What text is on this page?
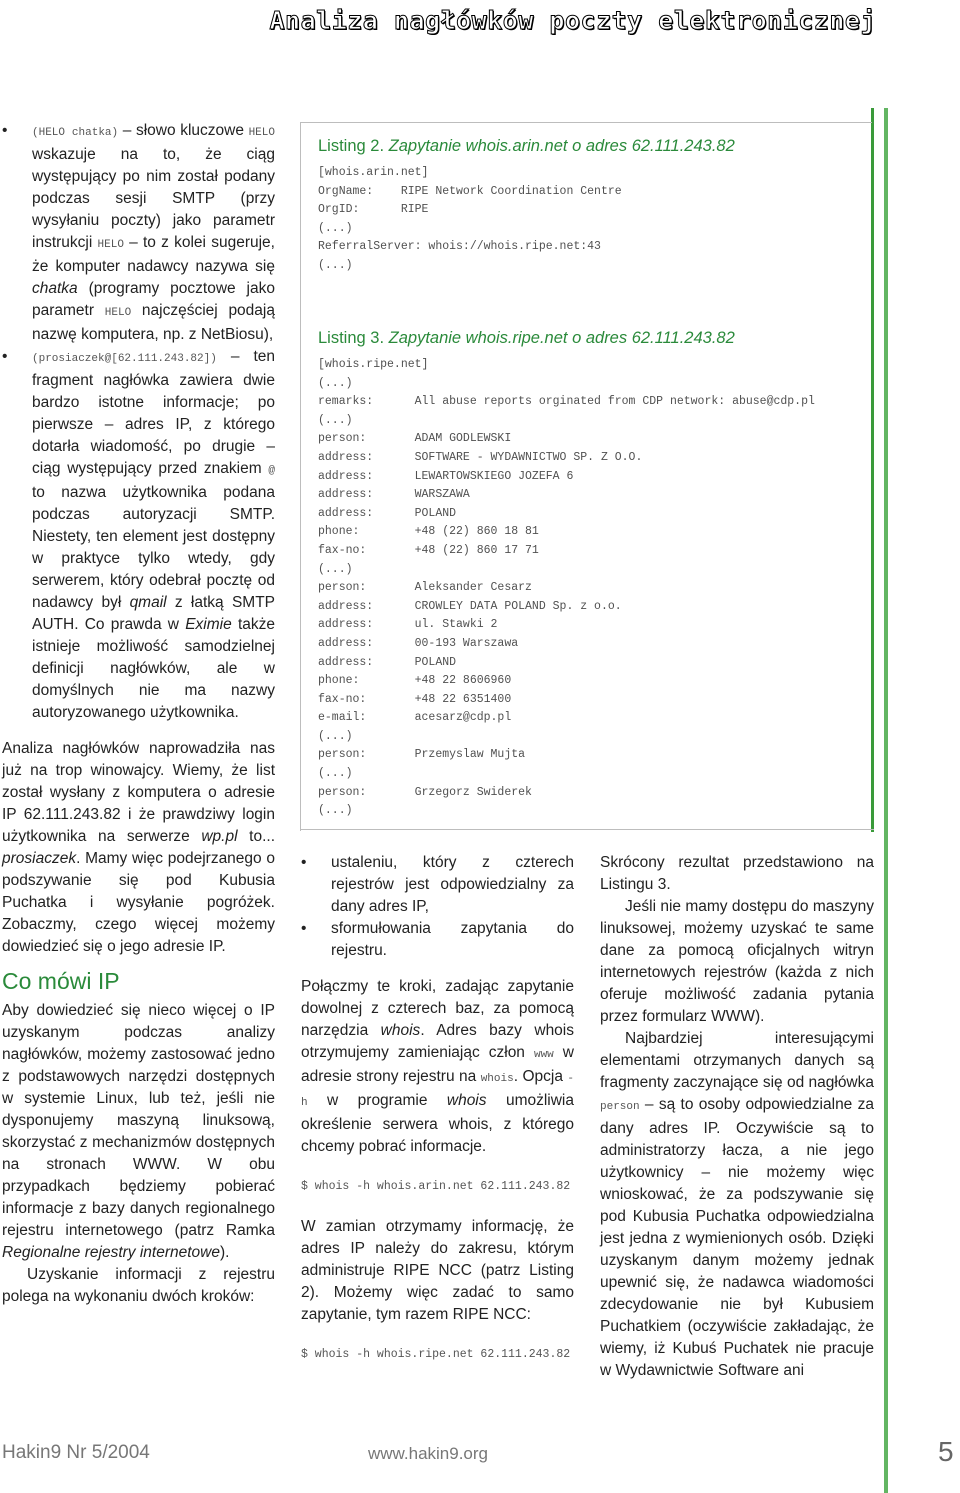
Analiza nagłówków poczty elektronicznej
• (HELO chatka) – słowo kluczowe HELO wskazuje na to, że ciąg występujący po nim został podany podczas sesji SMTP (przy wysyłaniu poczty) jako parametr instrukcji HELO – to z kolei sugeruje, że komputer nadawcy nazywa się chatka (programy pocztowe jako parametr HELO najczęściej podają nazwę komputera, np. z NetBiosu),
• (prosiaczek@[62.111.243.82]) – ten fragment nagłówka zawiera dwie bardzo istotne informacje; po pierwsze – adres IP, z którego dotarła wiadomość, po drugie – ciąg występujący przed znakiem @ to nazwa użytkownika podana podczas autoryzacji SMTP. Niestety, ten element jest dostępny w praktyce tylko wtedy, gdy serwerem, który odebrał pocztę od nadawcy był qmail z łatką SMTP AUTH. Co prawda w Eximie także istnieje możliwość samodzielnej definicji nagłówków, ale w domyślnych nie ma nazwy autoryzowanego użytkownika.

Analiza nagłówków naprowadziła nas już na trop winowajcy. Wiemy, że list został wysłany z komputera o adresie IP 62.111.243.82 i że prawdziwy login użytkownika na serwerze wp.pl to... prosiaczek. Mamy więc podejrzanego o podszywanie się pod Kubusia Puchatka i wysyłanie pogróżek. Zobaczmy, czego więcej możemy dowiedzieć się o jego adresie IP.

Co mówi IP

Aby dowiedzieć się nieco więcej o IP uzyskanym podczas analizy nagłówków, możemy zastosować jedno z podstawowych narzędzi dostępnych w systemie Linux, lub też, jeśli nie dysponujemy maszyną linuksową, skorzystać z mechanizmów dostępnych na stronach WWW. W obu przypadkach będziemy pobierać informacje z bazy danych regionalnego rejestru internetowego (patrz Ramka Regionalne rejestry internetowe).

Uzyskanie informacji z rejestru polega na wykonaniu dwóch kroków:

Listing 2. Zapytanie whois.arin.net o adres 62.111.243.82

[whois.arin.net]
OrgName:    RIPE Network Coordination Centre
OrgID:      RIPE
(...)
ReferralServer: whois://whois.ripe.net:43
(...)

Listing 3. Zapytanie whois.ripe.net o adres 62.111.243.82

[whois.ripe.net]
(...)
remarks:      All abuse reports orginated from CDP network: abuse@cdp.pl
(...)
person:       ADAM GODLEWSKI
address:      SOFTWARE - WYDAWNICTWO SP. Z O.O.
address:      LEWARTOWSKIEGO JOZEFA 6
address:      WARSZAWA
address:      POLAND
phone:        +48 (22) 860 18 81
fax-no:       +48 (22) 860 17 71
(...)
person:       Aleksander Cesarz
address:      CROWLEY DATA POLAND Sp. z o.o.
address:      ul. Stawki 2
address:      00-193 Warszawa
address:      POLAND
phone:        +48 22 8606960
fax-no:       +48 22 6351400
e-mail:       acesarz@cdp.pl
(...)
person:       Przemyslaw Mujta
(...)
person:       Grzegorz Swiderek
(...)
• ustaleniu, który z czterech rejestrów jest odpowiedzialny za dany adres IP,
• sformułowania zapytania do rejestru.

Połączmy te kroki, zadając zapytanie dowolnej z czterech baz, za pomocą narzędzia whois. Adres bazy whois otrzymujemy zamieniając człon www w adresie strony rejestru na whois. Opcja -h w programie whois umożliwia określenie serwera whois, z którego chcemy pobrać informacje.

$ whois -h whois.arin.net 62.111.243.82

W zamian otrzymamy informację, że adres IP należy do zakresu, którym administruje RIPE NCC (patrz Listing 2). Możemy więc zadać to samo zapytanie, tym razem RIPE NCC:

$ whois -h whois.ripe.net 62.111.243.82

Skrócony rezultat przedstawiono na Listingu 3.

Jeśli nie mamy dostępu do maszyny linuksowej, możemy uzyskać te same dane za pomocą oficjalnych witryn internetowych rejestrów (każda z nich oferuje możliwość zadania pytania przez formularz WWW).

Najbardziej interesującymi elementami otrzymanych danych są fragmenty zaczynające się od nagłówka person – są to osoby odpowiedzialne za dany adres IP. Oczywiście są to administratorzy łacza, a nie jego użytkownicy – nie możemy więc wnioskować, że za podszywanie się pod Kubusia Puchatka odpowiedzialna jest jedna z wymienionych osób. Dzięki uzyskanym danym możemy jednak upewnić się, że nadawca wiadomości zdecydowanie nie był Kubusiem Puchatkiem (oczywiście zakładając, że wiemy, iż Kubuś Puchatek nie pracuje w Wydawnictwie Software ani

Hakin9 Nr 5/2004	www.hakin9.org	5
